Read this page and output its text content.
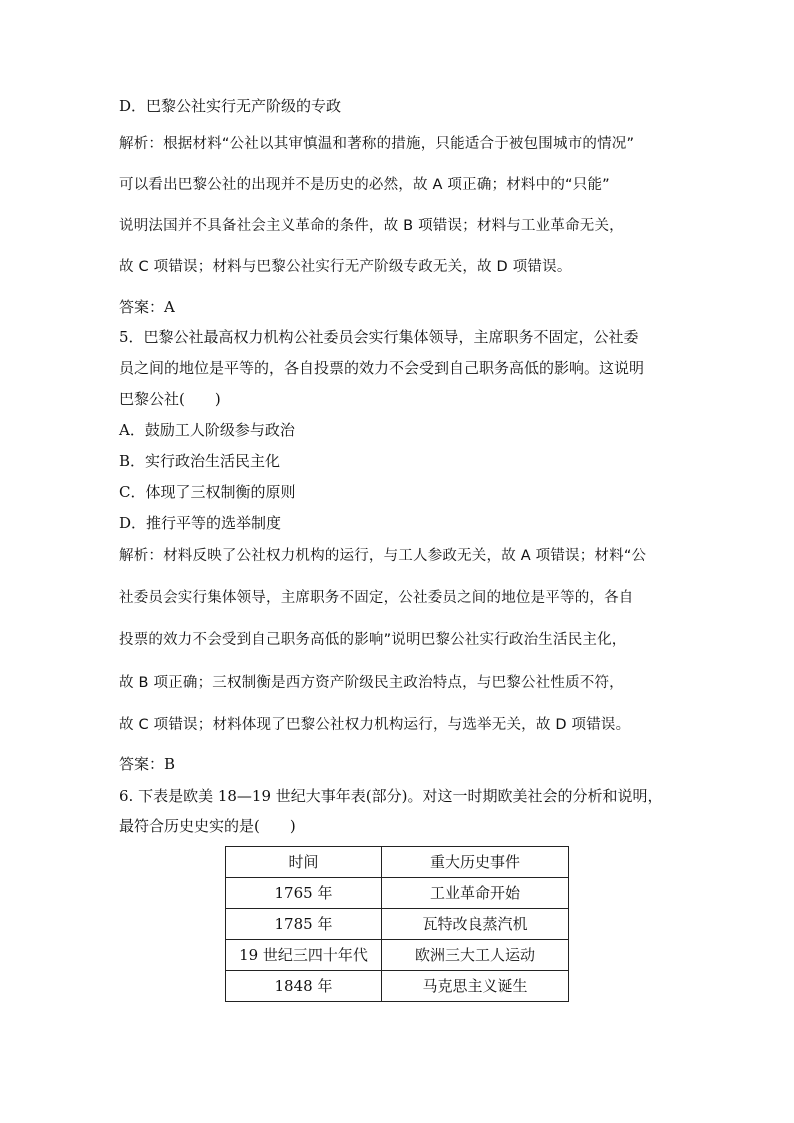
D．巴黎公社实行无产阶级的专政
解析：根据材料“公社以其审慎温和著称的措施，只能适合于被包围城市的情况”
可以看出巴黎公社的出现并不是历史的必然，故 A 项正确；材料中的“只能”
说明法国并不具备社会主义革命的条件，故 B 项错误；材料与工业革命无关，
故 C 项错误；材料与巴黎公社实行无产阶级专政无关，故 D 项错误。
答案：A
5．巴黎公社最高权力机构公社委员会实行集体领导，主席职务不固定，公社委
员之间的地位是平等的，各自投票的效力不会受到自己职务高低的影响。这说明
巴黎公社(　　)
A．鼓励工人阶级参与政治
B．实行政治生活民主化
C．体现了三权制衡的原则
D．推行平等的选举制度
解析：材料反映了公社权力机构的运行，与工人参政无关，故 A 项错误；材料“公
社委员会实行集体领导，主席职务不固定，公社委员之间的地位是平等的，各自
投票的效力不会受到自己职务高低的影响”说明巴黎公社实行政治生活民主化，
故 B 项正确；三权制衡是西方资产阶级民主政治特点，与巴黎公社性质不符，
故 C 项错误；材料体现了巴黎公社权力机构运行，与选举无关，故 D 项错误。
答案：B
6. 下表是欧美 18—19 世纪大事年表(部分)。对这一时期欧美社会的分析和说明，
最符合历史史实的是(　　)
时间	重大历史事件
1765 年	工业革命开始
1785 年	瓦特改良蒸汽机
19 世纪三四十年代	欧洲三大工人运动
1848 年	马克思主义诞生
